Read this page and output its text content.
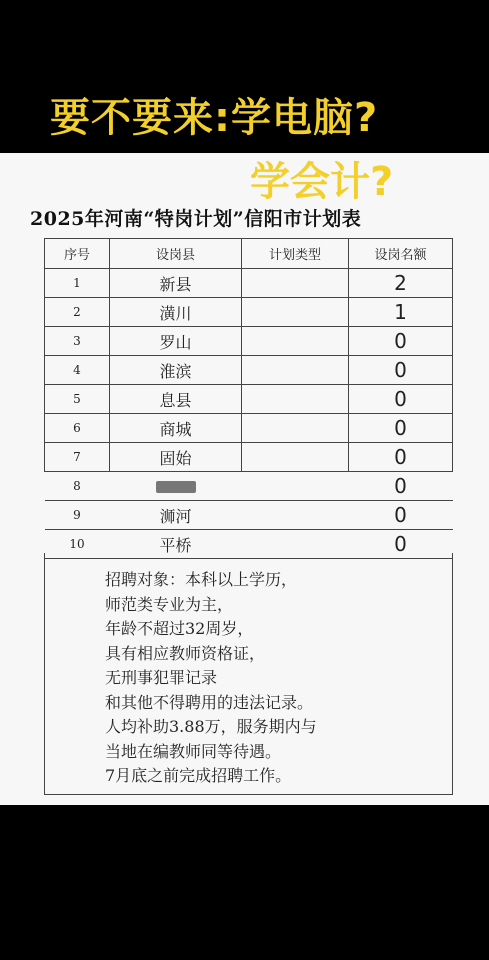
要不要来:学电脑?
学会计?
2025年河南“特岗计划”信阳市计划表
序号	设岗县	计划类型	设岗名额
1	新县		2
2	潢川		1
3	罗山		0
4	淮滨		0
5	息县		0
6	商城		0
7	固始		0
8			0
9	浉河		0
10	平桥		0
招聘对象：本科以上学历，
师范类专业为主，
年龄不超过32周岁，
具有相应教师资格证，
无刑事犯罪记录
和其他不得聘用的违法记录。
人均补助3.88万，服务期内与
当地在编教师同等待遇。
7月底之前完成招聘工作。
